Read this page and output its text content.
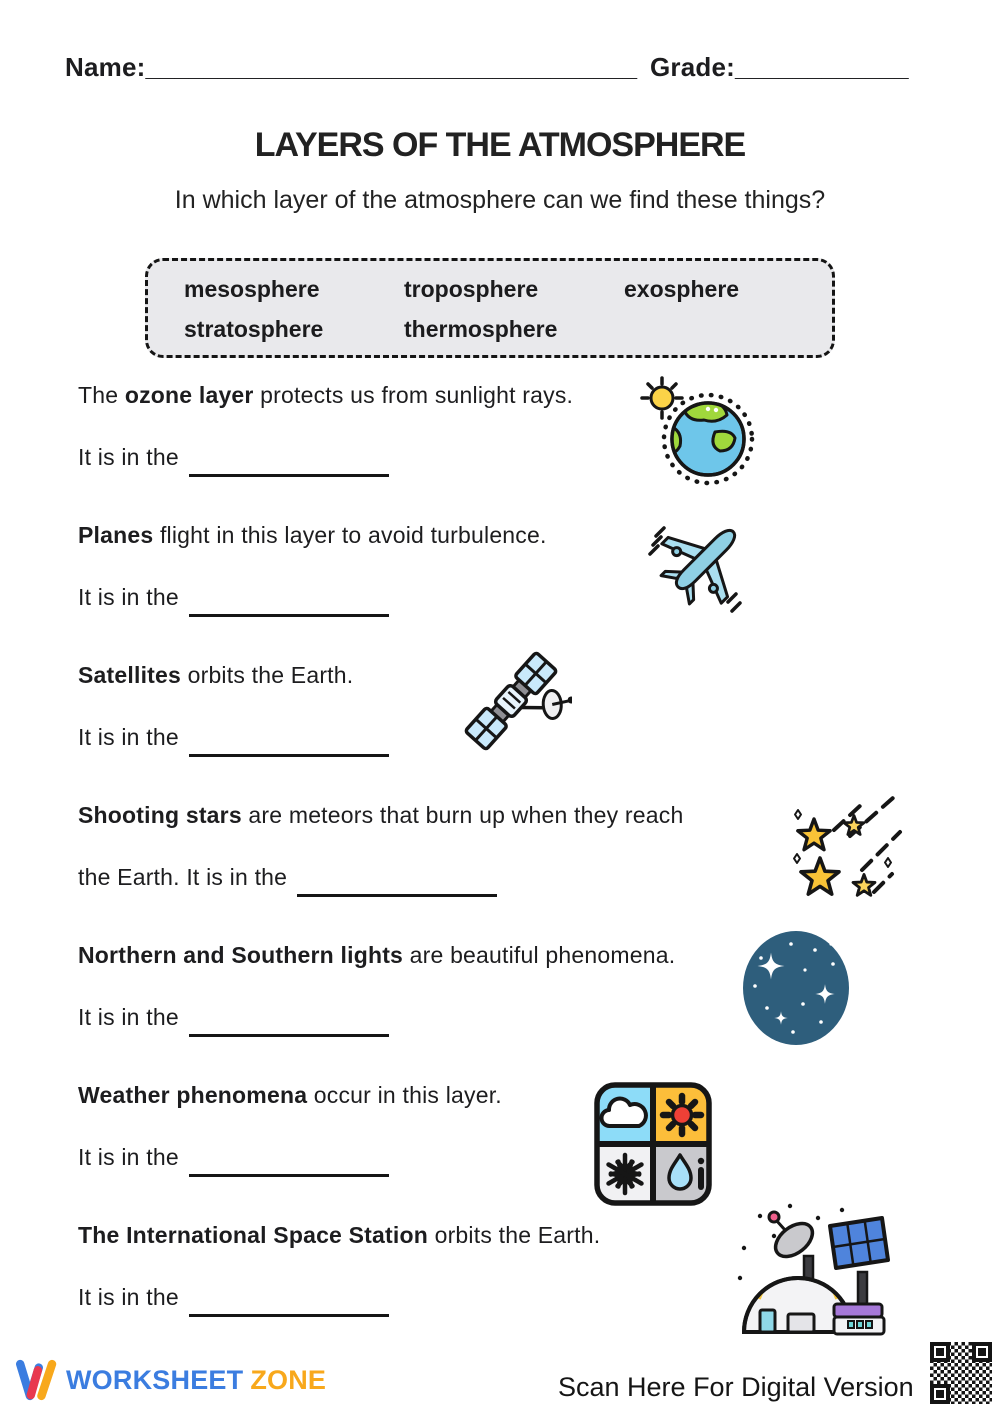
Name:__________________________________ Grade:____________
LAYERS OF THE ATMOSPHERE
In which layer of the atmosphere can we find these things?
mesosphere	troposphere	exosphere
stratosphere	thermosphere

The ozone layer protects us from sunlight rays.

It is in the

Planes flight in this layer to avoid turbulence.

It is in the

Satellites orbits the Earth.

It is in the

Shooting stars are meteors that burn up when they reach

the Earth. It is in the

Northern and Southern lights are beautiful phenomena.

It is in the

Weather phenomena occur in this layer.

It is in the

The International Space Station orbits the Earth.

It is in the

WORKSHEET ZONE	Scan Here For Digital Version
